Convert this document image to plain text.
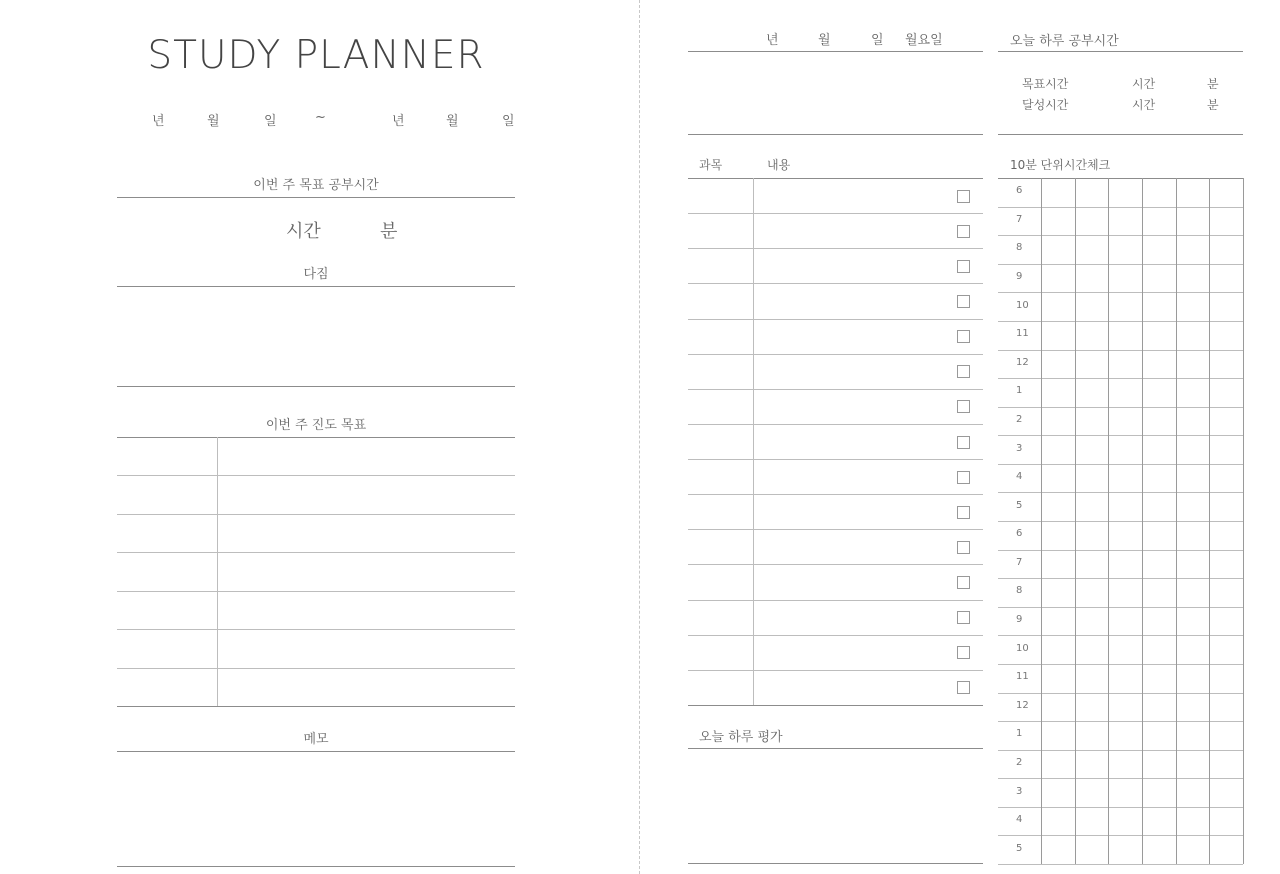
STUDY PLANNER
년	월	일	~	년	월	일
이번 주 목표 공부시간
시간	분
다짐
이번 주 진도 목표
메모
년	월	일 월요일	오늘 하루 공부시간
목표시간	시간	분
달성시간	시간	분
과목	내용
오늘 하루 평가
10분 단위시간체크
6
7
8
9
10
11
12
1
2
3
4
5
6
7
8
9
10
11
12
1
2
3
4
5
